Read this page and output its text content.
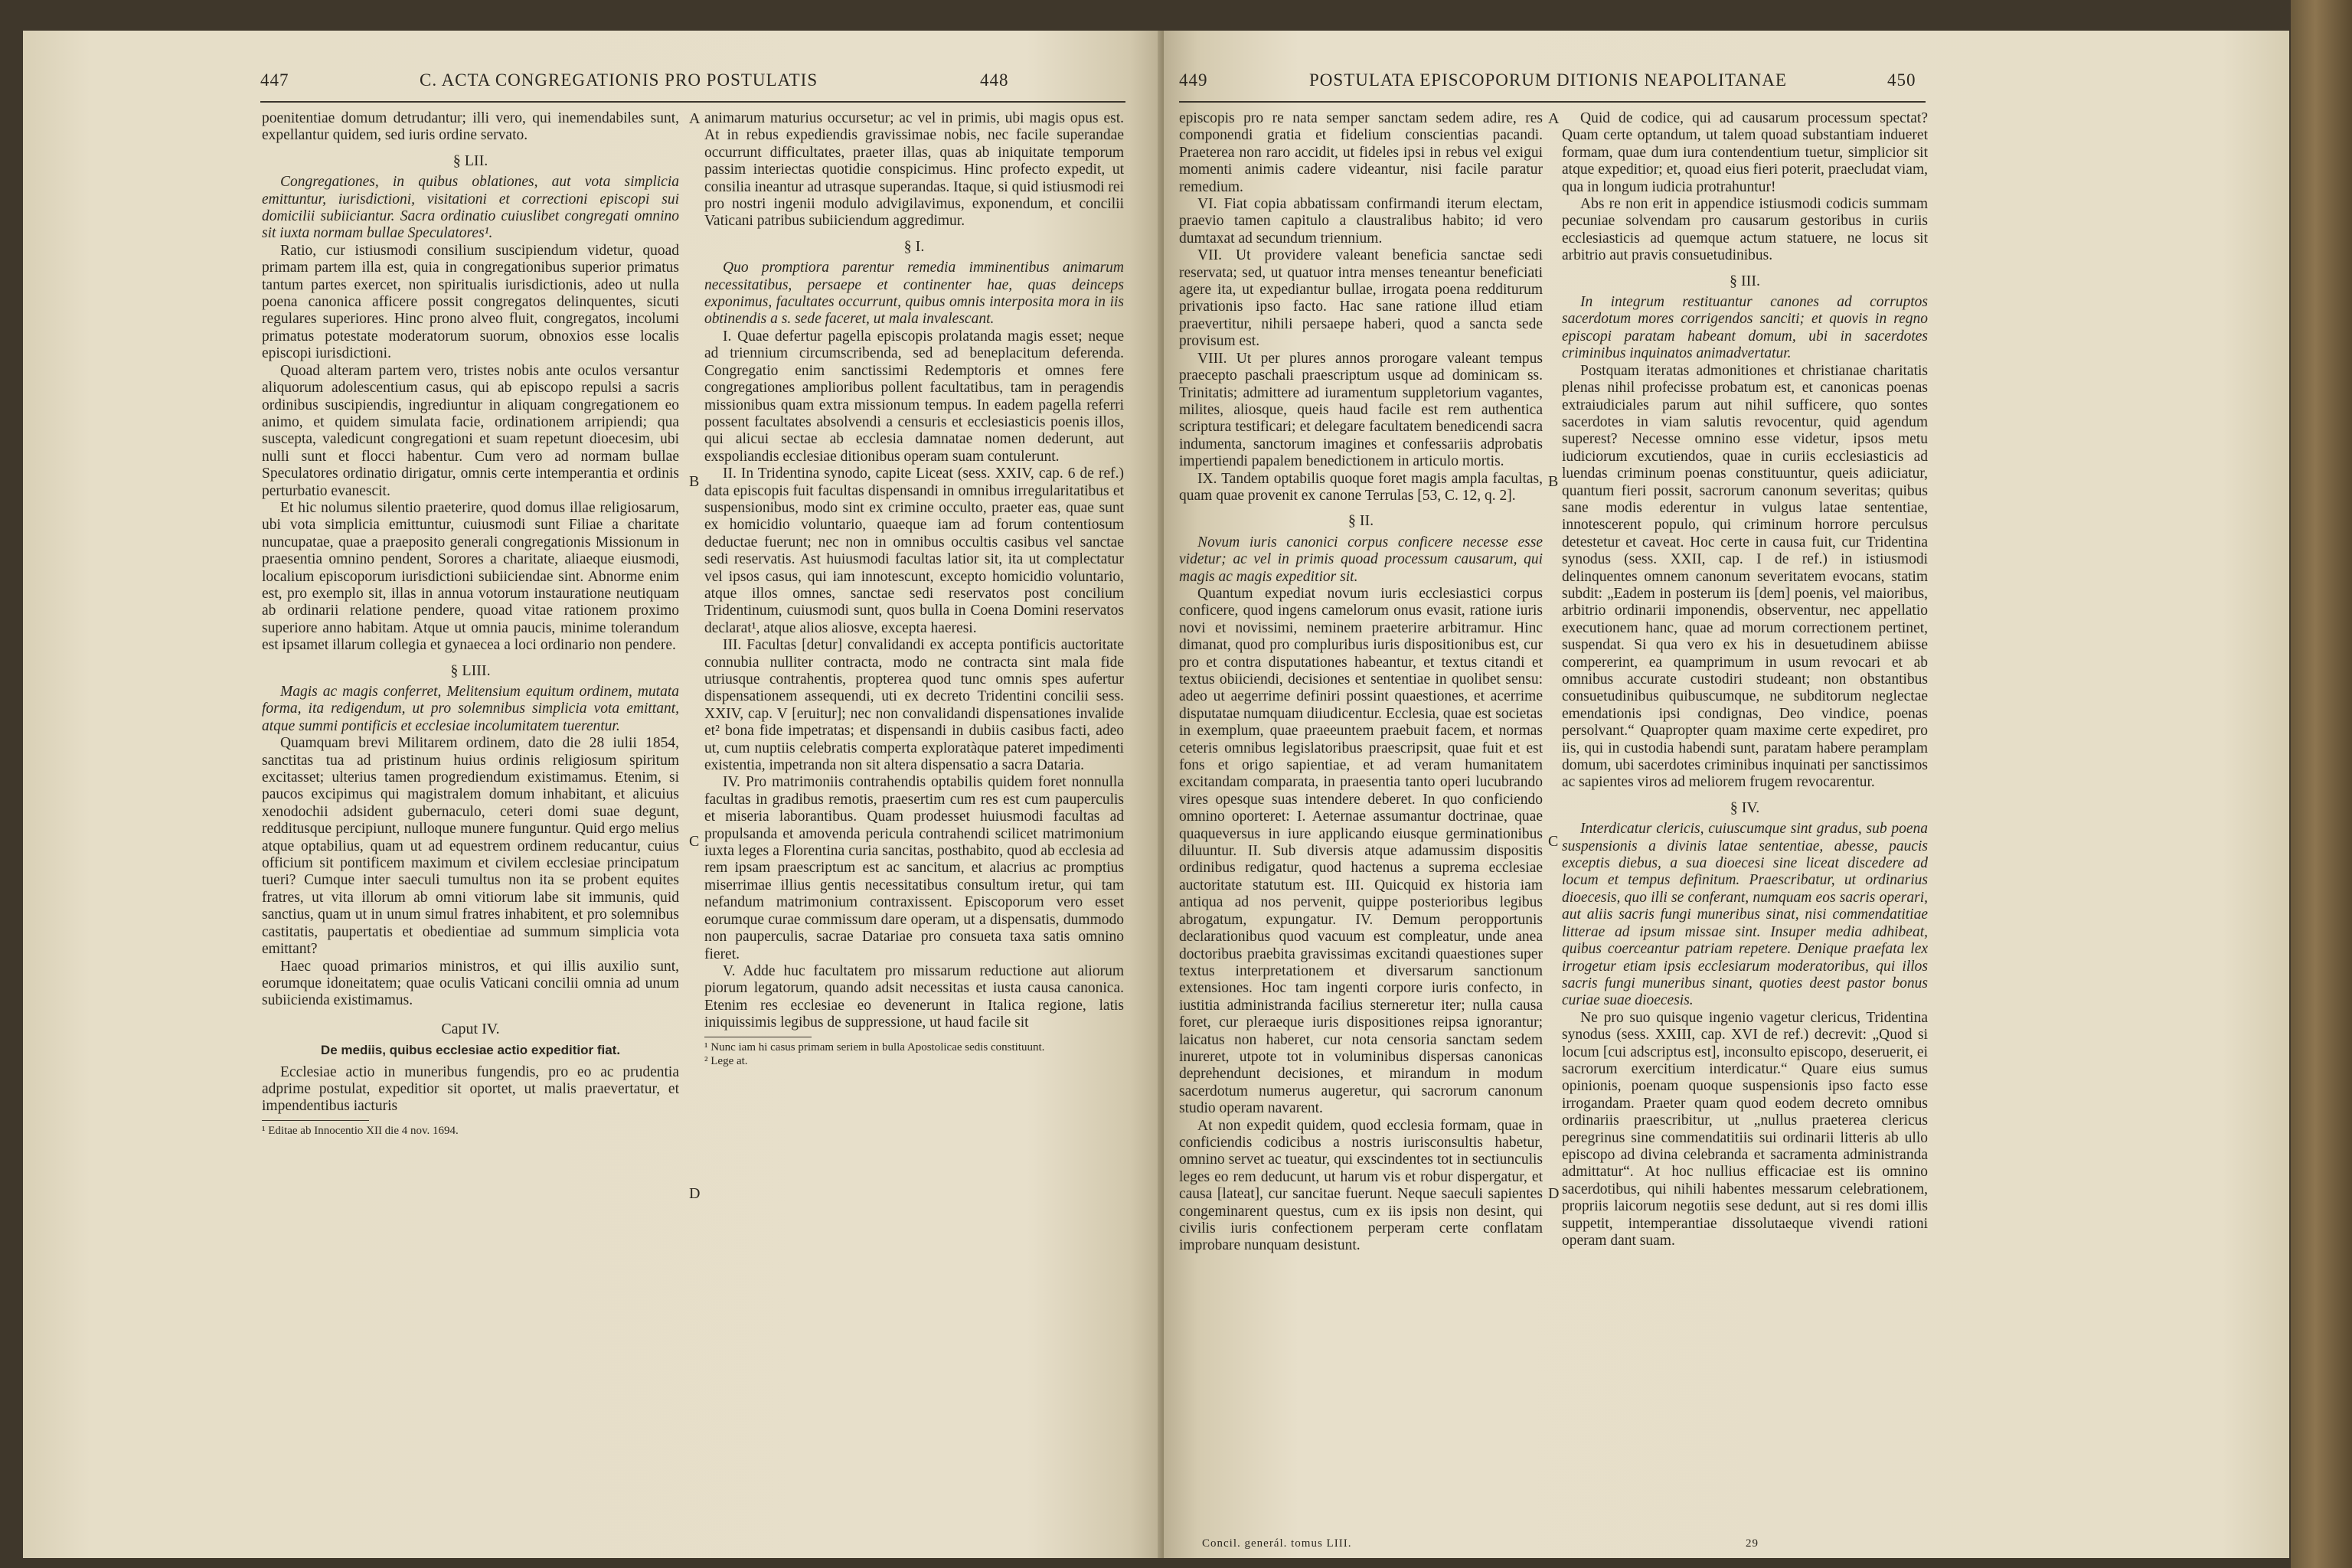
447	C. ACTA CONGREGATIONIS PRO POSTULATIS	448

poenitentiae domum detrudantur; illi vero, qui inemendabiles sunt, expellantur quidem, sed iuris ordine servato.

§ LII.

Congregationes, in quibus oblationes, aut vota simplicia emittuntur, iurisdictioni, visitationi et correctioni episcopi sui domicilii subiiciantur. Sacra ordinatio cuiuslibet congregati omnino sit iuxta normam bullae Speculatores¹.

Ratio, cur istiusmodi consilium suscipiendum videtur, quoad primam partem illa est, quia in congregationibus superior primatus tantum partes exercet, non spiritualis iurisdictionis, adeo ut nulla poena canonica afficere possit congregatos delinquentes, sicuti regulares superiores. Hinc prono alveo fluit, congregatos, incolumi primatus potestate moderatorum suorum, obnoxios esse localis episcopi iurisdictioni.

Quoad alteram partem vero, tristes nobis ante oculos versantur aliquorum adolescentium casus, qui ab episcopo repulsi a sacris ordinibus suscipiendis, ingrediuntur in aliquam congregationem eo animo, et quidem simulata facie, ordinationem arripiendi; qua suscepta, valedicunt congregationi et suam repetunt dioecesim, ubi nulli sunt et flocci habentur. Cum vero ad normam bullae Speculatores ordinatio dirigatur, omnis certe intemperantia et ordinis perturbatio evanescit.

Et hic nolumus silentio praeterire, quod domus illae religiosarum, ubi vota simplicia emittuntur, cuiusmodi sunt Filiae a charitate nuncupatae, quae a praeposito generali congregationis Missionum in praesentia omnino pendent, Sorores a charitate, aliaeque eiusmodi, localium episcoporum iurisdictioni subiiciendae sint. Abnorme enim est, pro exemplo sit, illas in annua votorum instauratione neutiquam ab ordinarii relatione pendere, quoad vitae rationem proximo superiore anno habitam. Atque ut omnia paucis, minime tolerandum est ipsamet illarum collegia et gynaecea a loci ordinario non pendere.

§ LIII.

Magis ac magis conferret, Melitensium equitum ordinem, mutata forma, ita redigendum, ut pro solemnibus simplicia vota emittant, atque summi pontificis et ecclesiae incolumitatem tuerentur.

Quamquam brevi Militarem ordinem, dato die 28 iulii 1854, sanctitas tua ad pristinum huius ordinis religiosum spiritum excitasset; ulterius tamen progrediendum existimamus. Etenim, si paucos excipimus qui magistralem domum inhabitant, et alicuius xenodochii adsident gubernaculo, ceteri domi suae degunt, redditusque percipiunt, nulloque munere funguntur. Quid ergo melius atque optabilius, quam ut ad equestrem ordinem reducantur, cuius officium sit pontificem maximum et civilem ecclesiae principatum tueri? Cumque inter saeculi tumultus non ita se probent equites fratres, ut vita illorum ab omni vitiorum labe sit immunis, quid sanctius, quam ut in unum simul fratres inhabitent, et pro solemnibus castitatis, paupertatis et obedientiae ad summum simplicia vota emittant?

Haec quoad primarios ministros, et qui illis auxilio sunt, eorumque idoneitatem; quae oculis Vaticani concilii omnia ad unum subiicienda existimamus.

Caput IV.
De mediis, quibus ecclesiae actio expeditior fiat.

Ecclesiae actio in muneribus fungendis, pro eo ac prudentia adprime postulat, expeditior sit oportet, ut malis praevertatur, et impendentibus iacturis

¹ Editae ab Innocentio XII die 4 nov. 1694.
A
B
C
D

animarum maturius occursetur; ac vel in primis, ubi magis opus est. At in rebus expediendis gravissimae nobis, nec facile superandae occurrunt difficultates, praeter illas, quas ab iniquitate temporum passim interiectas quotidie conspicimus. Hinc profecto expedit, ut consilia ineantur ad utrasque superandas. Itaque, si quid istiusmodi rei pro nostri ingenii modulo advigilavimus, exponendum, et concilii Vaticani patribus subiiciendum aggredimur.

§ I.

Quo promptiora parentur remedia imminentibus animarum necessitatibus, persaepe et continenter hae, quas deinceps exponimus, facultates occurrunt, quibus omnis interposita mora in iis obtinendis a s. sede faceret, ut mala invalescant.

I. Quae defertur pagella episcopis prolatanda magis esset; neque ad triennium circumscribenda, sed ad beneplacitum deferenda. Congregatio enim sanctissimi Redemptoris et omnes fere congregationes amplioribus pollent facultatibus, tam in peragendis missionibus quam extra missionum tempus. In eadem pagella referri possent facultates absolvendi a censuris et ecclesiasticis poenis illos, qui alicui sectae ab ecclesia damnatae nomen dederunt, aut exspoliandis ecclesiae ditionibus operam suam contulerunt.

II. In Tridentina synodo, capite Liceat (sess. XXIV, cap. 6 de ref.) data episcopis fuit facultas dispensandi in omnibus irregularitatibus et suspensionibus, modo sint ex crimine occulto, praeter eas, quae sunt ex homicidio voluntario, quaeque iam ad forum contentiosum deductae fuerunt; nec non in omnibus occultis casibus vel sanctae sedi reservatis. Ast huiusmodi facultas latior sit, ita ut complectatur vel ipsos casus, qui iam innotescunt, excepto homicidio voluntario, atque illos omnes, sanctae sedi reservatos post concilium Tridentinum, cuiusmodi sunt, quos bulla in Coena Domini reservatos declarat¹, atque alios aliosve, excepta haeresi.

III. Facultas [detur] convalidandi ex accepta pontificis auctoritate connubia nulliter contracta, modo ne contracta sint mala fide utriusque contrahentis, propterea quod tunc omnis spes aufertur dispensationem assequendi, uti ex decreto Tridentini concilii sess. XXIV, cap. V [eruitur]; nec non convalidandi dispensationes invalide et² bona fide impetratas; et dispensandi in dubiis casibus facti, adeo ut, cum nuptiis celebratis comperta exploratàque pateret impedimenti existentia, impetranda non sit altera dispensatio a sacra Dataria.

IV. Pro matrimoniis contrahendis optabilis quidem foret nonnulla facultas in gradibus remotis, praesertim cum res est cum pauperculis et miseria laborantibus. Quam prodesset huiusmodi facultas ad propulsanda et amovenda pericula contrahendi scilicet matrimonium iuxta leges a Florentina curia sancitas, posthabito, quod ab ecclesia ad rem ipsam praescriptum est ac sancitum, et alacrius ac promptius miserrimae illius gentis necessitatibus consultum iretur, qui tam nefandum matrimonium contraxissent. Episcoporum vero esset eorumque curae commissum dare operam, ut a dispensatis, dummodo non pauperculis, sacrae Datariae pro consueta taxa satis omnino fieret.

V. Adde huc facultatem pro missarum reductione aut aliorum piorum legatorum, quando adsit necessitas et iusta causa canonica. Etenim res ecclesiae eo devenerunt in Italica regione, latis iniquissimis legibus de suppressione, ut haud facile sit

¹ Nunc iam hi casus primam seriem in bulla Apostolicae sedis constituunt.
² Lege at.
449	POSTULATA EPISCOPORUM DITIONIS NEAPOLITANAE	450

episcopis pro re nata semper sanctam sedem adire, res componendi gratia et fidelium conscientias pacandi. Praeterea non raro accidit, ut fideles ipsi in rebus vel exigui momenti animis cadere videantur, nisi facile paratur remedium.

VI. Fiat copia abbatissam confirmandi iterum electam, praevio tamen capitulo a claustralibus habito; id vero dumtaxat ad secundum triennium.

VII. Ut providere valeant beneficia sanctae sedi reservata; sed, ut quatuor intra menses teneantur beneficiati agere ita, ut expediantur bullae, irrogata poena redditurum privationis ipso facto. Hac sane ratione illud etiam praevertitur, nihili persaepe haberi, quod a sancta sede provisum est.

VIII. Ut per plures annos prorogare valeant tempus praecepto paschali praescriptum usque ad dominicam ss. Trinitatis; admittere ad iuramentum suppletorium vagantes, milites, aliosque, queis haud facile est rem authentica scriptura testificari; et delegare facultatem benedicendi sacra indumenta, sanctorum imagines et confessariis adprobatis impertiendi papalem benedictionem in articulo mortis.

IX. Tandem optabilis quoque foret magis ampla facultas, quam quae provenit ex canone Terrulas [53, C. 12, q. 2].

§ II.

Novum iuris canonici corpus conficere necesse esse videtur; ac vel in primis quoad processum causarum, qui magis ac magis expeditior sit.

Quantum expediat novum iuris ecclesiastici corpus conficere, quod ingens camelorum onus evasit, ratione iuris novi et novissimi, neminem praeterire arbitramur. Hinc dimanat, quod pro compluribus iuris dispositionibus est, cur pro et contra disputationes habeantur, et textus citandi et textus obiiciendi, decisiones et sententiae in quolibet sensu: adeo ut aegerrime definiri possint quaestiones, et acerrime disputatae numquam diiudicentur. Ecclesia, quae est societas in exemplum, quae praeeuntem praebuit facem, et normas ceteris omnibus legislatoribus praescripsit, quae fuit et est fons et origo sapientiae, et ad veram humanitatem excitandam comparata, in praesentia tanto operi lucubrando vires opesque suas intendere deberet. In quo conficiendo omnino oporteret: I. Aeternae assumantur doctrinae, quae quaqueversus in iure applicando eiusque germinationibus diluuntur. II. Sub diversis atque adamussim dispositis ordinibus redigatur, quod hactenus a suprema ecclesiae auctoritate statutum est. III. Quicquid ex historia iam antiqua ad nos pervenit, quippe posterioribus legibus abrogatum, expungatur. IV. Demum peropportunis declarationibus quod vacuum est compleatur, unde anea doctoribus praebita gravissimas excitandi quaestiones super textus interpretationem et diversarum sanctionum extensiones. Hoc tam ingenti corpore iuris confecto, in iustitia administranda facilius sterneretur iter; nulla causa foret, cur pleraeque iuris dispositiones reipsa ignorantur; laicatus non haberet, cur nota censoria sanctam sedem inureret, utpote tot in voluminibus dispersas canonicas deprehendunt decisiones, et mirandum in modum sacerdotum numerus augeretur, qui sacrorum canonum studio operam navarent.

At non expedit quidem, quod ecclesia formam, quae in conficiendis codicibus a nostris iurisconsultis habetur, omnino servet ac tueatur, qui exscindentes tot in sectiunculis leges eo rem deducunt, ut harum vis et robur dispergatur, et causa [lateat], cur sancitae fuerunt. Neque saeculi sapientes congeminarent questus, cum ex iis ipsis non desint, qui civilis iuris confectionem perperam certe conflatam improbare nunquam desistunt.

A
B
C
D

Quid de codice, qui ad causarum processum spectat? Quam certe optandum, ut talem quoad substantiam indueret formam, quae dum iura contendentium tuetur, simplicior sit atque expeditior; et, quoad eius fieri poterit, praecludat viam, qua in longum iudicia protrahuntur!

Abs re non erit in appendice istiusmodi codicis summam pecuniae solvendam pro causarum gestoribus in curiis ecclesiasticis ad quemque actum statuere, ne locus sit arbitrio aut pravis consuetudinibus.

§ III.

In integrum restituantur canones ad corruptos sacerdotum mores corrigendos sanciti; et quovis in regno episcopi paratam habeant domum, ubi in sacerdotes criminibus inquinatos animadvertatur.

Postquam iteratas admonitiones et christianae charitatis plenas nihil profecisse probatum est, et canonicas poenas extraiudiciales parum aut nihil sufficere, quo sontes sacerdotes in viam salutis revocentur, quid agendum superest? Necesse omnino esse videtur, ipsos metu iudiciorum excutiendos, quae in curiis ecclesiasticis ad luendas criminum poenas constituuntur, queis adiiciatur, quantum fieri possit, sacrorum canonum severitas; quibus sane modis ederentur in vulgus latae sententiae, innotescerent populo, qui criminum horrore perculsus detestetur et caveat. Hoc certe in causa fuit, cur Tridentina synodus (sess. XXII, cap. I de ref.) in istiusmodi delinquentes omnem canonum severitatem evocans, statim subdit: „Eadem in posterum iis [dem] poenis, vel maioribus, arbitrio ordinarii imponendis, observentur, nec appellatio executionem hanc, quae ad morum correctionem pertinet, suspendat. Si qua vero ex his in desuetudinem abiisse compererint, ea quamprimum in usum revocari et ab omnibus accurate custodiri studeant; non obstantibus consuetudinibus quibuscumque, ne subditorum neglectae emendationis ipsi condignas, Deo vindice, poenas persolvant.“ Quapropter quam maxime certe expediret, pro iis, qui in custodia habendi sunt, paratam habere peramplam domum, ubi sacerdotes criminibus inquinati per sanctissimos ac sapientes viros ad meliorem frugem revocarentur.

§ IV.

Interdicatur clericis, cuiuscumque sint gradus, sub poena suspensionis a divinis latae sententiae, abesse, paucis exceptis diebus, a sua dioecesi sine liceat discedere ad locum et tempus definitum. Praescribatur, ut ordinarius dioecesis, quo illi se conferant, numquam eos sacris operari, aut aliis sacris fungi muneribus sinat, nisi commendatitiae litterae ad ipsum missae sint. Insuper media adhibeat, quibus coerceantur patriam repetere. Denique praefata lex irrogetur etiam ipsis ecclesiarum moderatoribus, qui illos sacris fungi muneribus sinant, quoties deest pastor bonus curiae suae dioecesis.

Ne pro suo quisque ingenio vagetur clericus, Tridentina synodus (sess. XXIII, cap. XVI de ref.) decrevit: „Quod si locum [cui adscriptus est], inconsulto episcopo, deseruerit, ei sacrorum exercitium interdicatur.“ Quare eius sumus opinionis, poenam quoque suspensionis ipso facto esse irrogandam. Praeter quam quod eodem decreto omnibus ordinariis praescribitur, ut „nullus praeterea clericus peregrinus sine commendatitiis sui ordinarii litteris ab ullo episcopo ad divina celebranda et sacramenta administranda admittatur“. At hoc nullius efficaciae est iis omnino sacerdotibus, qui nihili habentes messarum celebrationem, propriis laicorum negotiis sese dedunt, aut si res domi illis suppetit, intemperantiae dissolutaeque vivendi rationi operam dant suam.

Concil. generál. tomus LIII.	29
